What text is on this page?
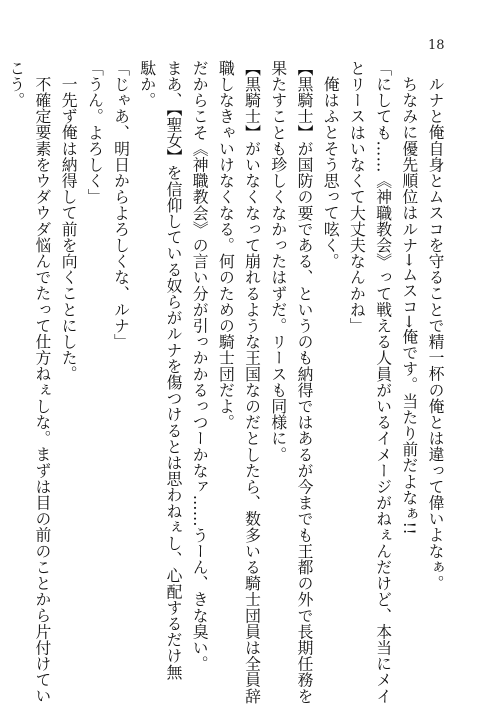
18
ルナと俺自身とムスコを守ることで精一杯の俺とは違って偉いよなぁ。
ちなみに優先順位はルナ→ムスコ→俺です。当たり前だよなぁ!!
「にしても……《神職教会》って戦える人員がいるイメージがねぇんだけど、本当にメイ
とリースはいなくて大丈夫なんかね」
俺はふとそう思って呟く。
【黒騎士】が国防の要である、というのも納得ではあるが今までも王都の外で長期任務を
果たすことも珍しくなかったはずだ。リースも同様に。
【黒騎士】がいなくなって崩れるような王国なのだとしたら、数多いる騎士団員は全員辞
職しなきゃいけなくなる。何のための騎士団だよ。
だからこそ《神職教会》の言い分が引っかかるっつーかなァ……うーん、きな臭い。
まあ、【聖女】を信仰している奴らがルナを傷つけるとは思わねぇし、心配するだけ無
駄か。
「じゃあ、明日からよろしくな、ルナ」
「うん。よろしく」
一先ず俺は納得して前を向くことにした。
不確定要素をウダウダ悩んでたって仕方ねぇしな。まずは目の前のことから片付けてい
こう。
